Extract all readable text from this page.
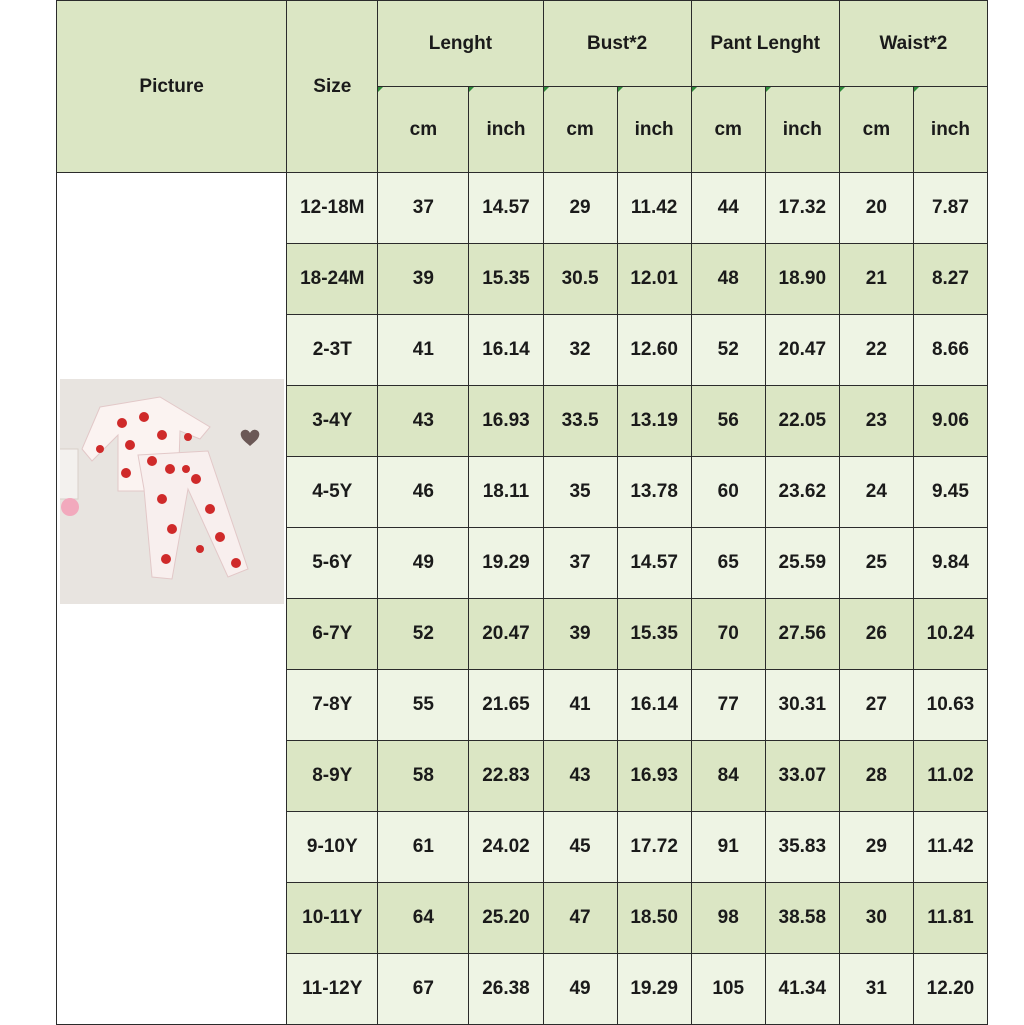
Picture	Size	Lenght		Bust*2		Pant Lenght		Waist*2	
		cm	inch	cm	inch	cm	inch	cm	inch

	12-18M	37	14.57	29	11.42	44	17.32	20	7.87
	18-24M	39	15.35	30.5	12.01	48	18.90	21	8.27
	2-3T	41	16.14	32	12.60	52	20.47	22	8.66
	3-4Y	43	16.93	33.5	13.19	56	22.05	23	9.06
	4-5Y	46	18.11	35	13.78	60	23.62	24	9.45
	5-6Y	49	19.29	37	14.57	65	25.59	25	9.84
	6-7Y	52	20.47	39	15.35	70	27.56	26	10.24
	7-8Y	55	21.65	41	16.14	77	30.31	27	10.63
	8-9Y	58	22.83	43	16.93	84	33.07	28	11.02
	9-10Y	61	24.02	45	17.72	91	35.83	29	11.42
	10-11Y	64	25.20	47	18.50	98	38.58	30	11.81
	11-12Y	67	26.38	49	19.29	105	41.34	31	12.20
